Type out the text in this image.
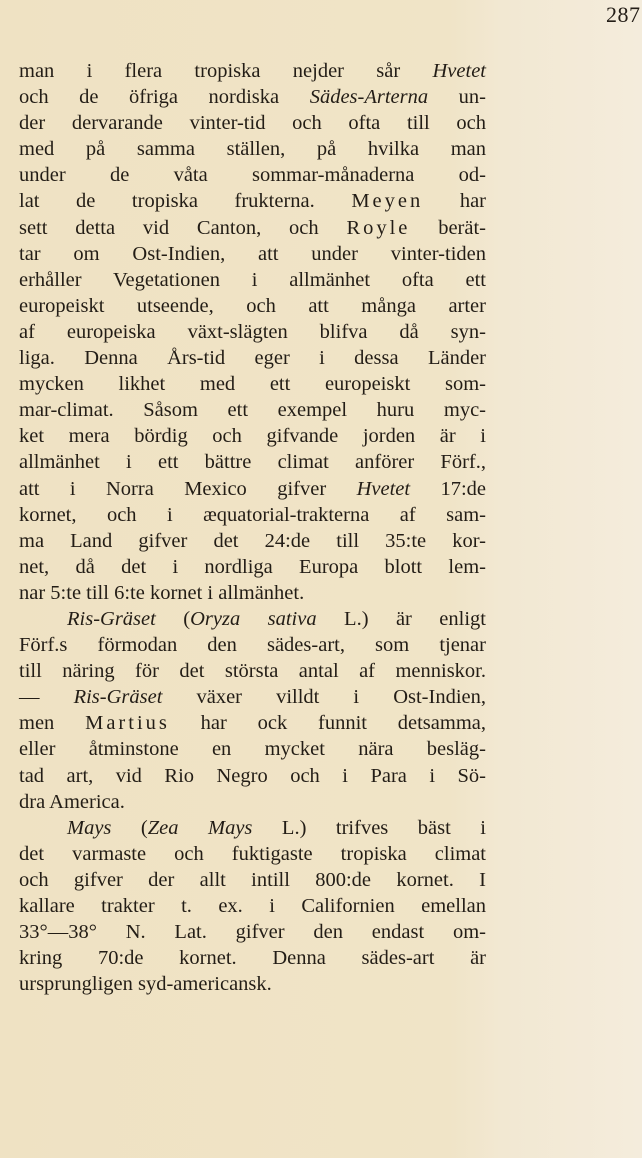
287
man i flera tropiska nejder sår Hvetet
och de öfriga nordiska Sädes-Arterna un-
der dervarande vinter-tid och ofta till och
med på samma ställen, på hvilka man
under de våta sommar-månaderna od-
lat de tropiska frukterna. Meyen har
sett detta vid Canton, och Royle berät-
tar om Ost-Indien, att under vinter-tiden
erhåller Vegetationen i allmänhet ofta ett
europeiskt utseende, och att många arter
af europeiska växt-slägten blifva då syn-
liga. Denna Års-tid eger i dessa Länder
mycken likhet med ett europeiskt som-
mar-climat. Såsom ett exempel huru myc-
ket mera bördig och gifvande jorden är i
allmänhet i ett bättre climat anförer Förf.,
att i Norra Mexico gifver Hvetet 17:de
kornet, och i æquatorial-trakterna af sam-
ma Land gifver det 24:de till 35:te kor-
net, då det i nordliga Europa blott lem-
nar 5:te till 6:te kornet i allmänhet.
Ris-Gräset (Oryza sativa L.) är enligt
Förf.s förmodan den sädes-art, som tjenar
till näring för det största antal af menniskor.
— Ris-Gräset växer villdt i Ost-Indien,
men Martius har ock funnit detsamma,
eller åtminstone en mycket nära besläg-
tad art, vid Rio Negro och i Para i Sö-
dra America.
Mays (Zea Mays L.) trifves bäst i
det varmaste och fuktigaste tropiska climat
och gifver der allt intill 800:de kornet. I
kallare trakter t. ex. i Californien emellan
33°—38° N. Lat. gifver den endast om-
kring 70:de kornet. Denna sädes-art är
ursprungligen syd-americansk.
